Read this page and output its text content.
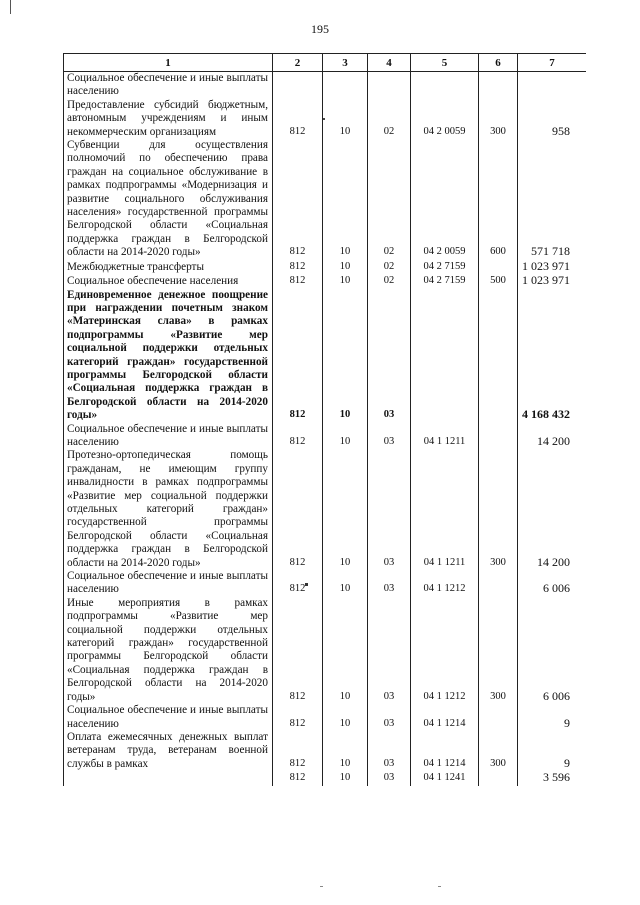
195
1	2	3	4	5	6	7
Социальное обеспечение и иные выплаты населению						
Предоставление субсидий бюджетным, автономным учреждениям и иным некоммерческим организациям	812	10	02	04 2 0059	300	958
Субвенции для осуществления полномочий по обеспечению права граждан на социальное обслуживание в рамках подпрограммы «Модернизация и развитие социального обслуживания населения» государственной программы Белгородской области «Социальная поддержка граждан в Белгородской области на 2014-2020 годы»	812	10	02	04 2 0059	600	571 718
Межбюджетные трансферты	812	10	02	04 2 7159		1 023 971
Социальное обеспечение населения	812	10	02	04 2 7159	500	1 023 971
Единовременное денежное поощрение при награждении почетным знаком «Материнская слава» в рамках подпрограммы «Развитие мер социальной поддержки отдельных категорий граждан» государственной программы Белгородской области «Социальная поддержка граждан в Белгородской области на 2014-2020 годы»	812	10	03			4 168 432
Социальное обеспечение и иные выплаты населению	812	10	03	04 1 1211		14 200
Протезно-ортопедическая помощь гражданам, не имеющим группу инвалидности в рамках подпрограммы «Развитие мер социальной поддержки отдельных категорий граждан» государственной программы Белгородской области «Социальная поддержка граждан в Белгородской области на 2014-2020 годы»	812	10	03	04 1 1211	300	14 200
Социальное обеспечение и иные выплаты населению	812	10	03	04 1 1212		6 006
Иные мероприятия в рамках подпрограммы «Развитие мер социальной поддержки отдельных категорий граждан» государственной программы Белгородской области «Социальная поддержка граждан в Белгородской области на 2014-2020 годы»	812	10	03	04 1 1212	300	6 006
Социальное обеспечение и иные выплаты населению	812	10	03	04 1 1214		9
Оплата ежемесячных денежных выплат ветеранам труда, ветеранам военной службы в рамках	812	10	03	04 1 1214	300	9
	812	10	03	04 1 1241		3 596
